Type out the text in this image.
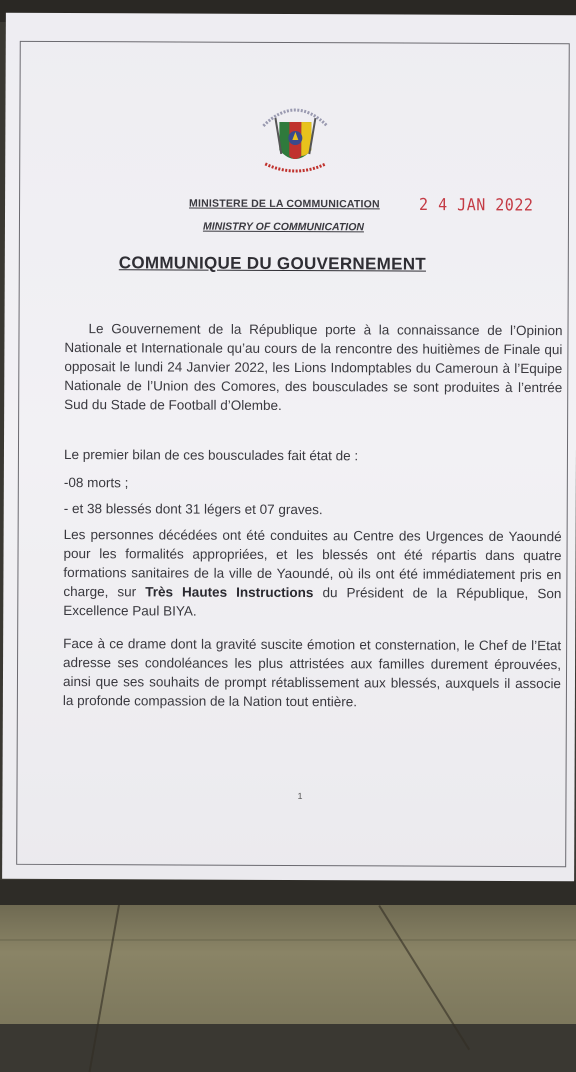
MINISTERE DE LA COMMUNICATION	2 4 JAN 2022
MINISTRY OF COMMUNICATION
COMMUNIQUE DU GOUVERNEMENT
Le Gouvernement de la République porte à la connaissance de l’Opinion Nationale et Internationale qu’au cours de la rencontre des huitièmes de Finale qui opposait le lundi 24 Janvier 2022, les Lions Indomptables du Cameroun à l’Equipe Nationale de l’Union des Comores, des bousculades se sont produites à l’entrée Sud du Stade de Football d’Olembe.
Le premier bilan de ces bousculades fait état de :
-08 morts ;
- et 38 blessés dont 31 légers et 07 graves.
Les personnes décédées ont été conduites au Centre des Urgences de Yaoundé pour les formalités appropriées, et les blessés ont été répartis dans quatre formations sanitaires de la ville de Yaoundé, où ils ont été immédiatement pris en charge, sur Très Hautes Instructions du Président de la République, Son Excellence Paul BIYA.
Face à ce drame dont la gravité suscite émotion et consternation, le Chef de l’Etat adresse ses condoléances les plus attristées aux familles durement éprouvées, ainsi que ses souhaits de prompt rétablissement aux blessés, auxquels il associe la profonde compassion de la Nation tout entière.
1
